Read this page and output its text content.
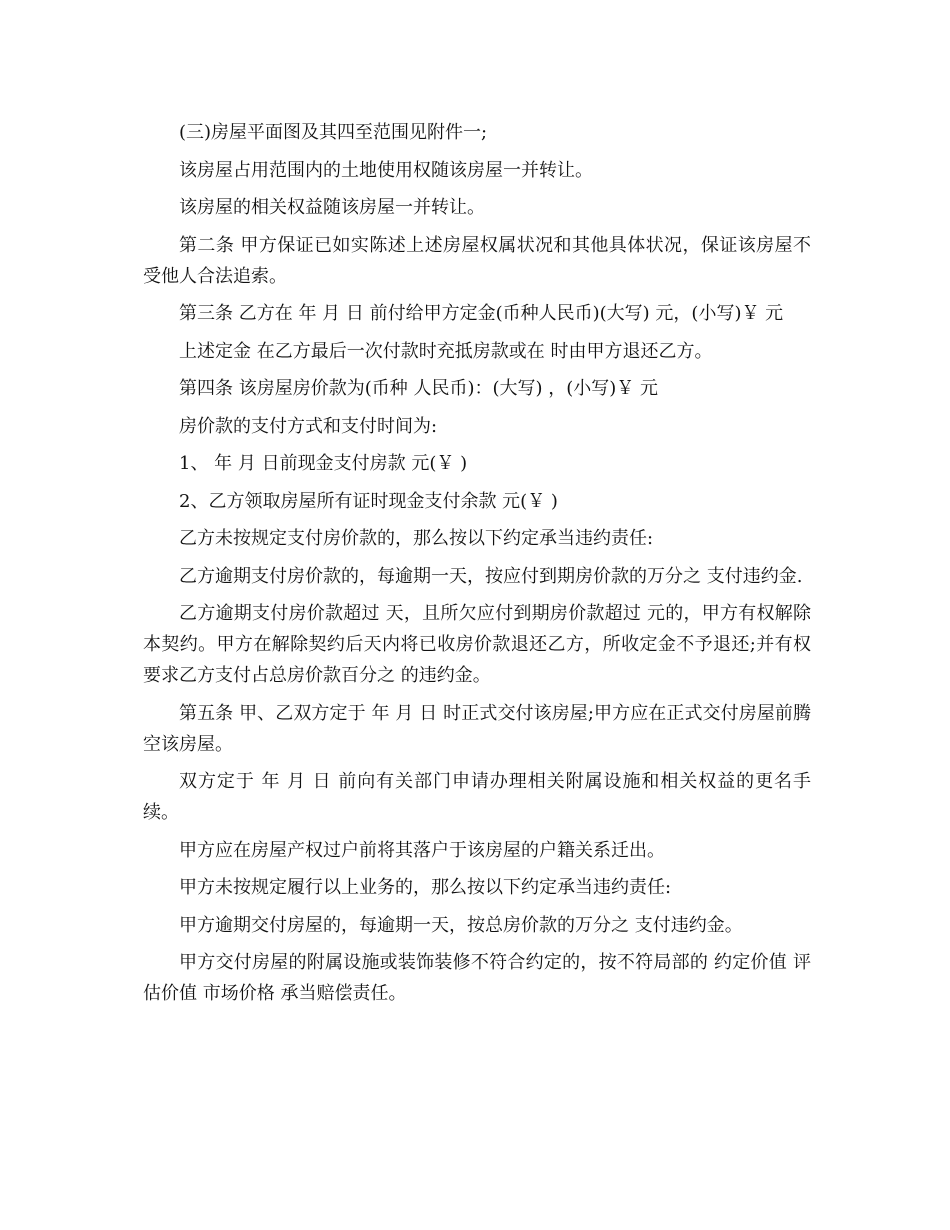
(三)房屋平面图及其四至范围见附件一;

该房屋占用范围内的土地使用权随该房屋一并转让。

该房屋的相关权益随该房屋一并转让。

第二条 甲方保证已如实陈述上述房屋权属状况和其他具体状况，保证该房屋不受他人合法追索。

第三条 乙方在 年 月 日 前付给甲方定金(币种人民币)(大写) 元，(小写)￥ 元

上述定金 在乙方最后一次付款时充抵房款或在 时由甲方退还乙方。

第四条 该房屋房价款为(币种 人民币)：(大写) ，(小写)￥ 元

房价款的支付方式和支付时间为:

1、 年 月 日前现金支付房款 元(￥ )

2、乙方领取房屋所有证时现金支付余款 元(￥ )

乙方未按规定支付房价款的，那么按以下约定承当违约责任:

乙方逾期支付房价款的，每逾期一天，按应付到期房价款的万分之 支付违约金.

乙方逾期支付房价款超过 天，且所欠应付到期房价款超过 元的，甲方有权解除本契约。甲方在解除契约后天内将已收房价款退还乙方，所收定金不予退还;并有权要求乙方支付占总房价款百分之 的违约金。

第五条 甲、乙双方定于 年 月 日 时正式交付该房屋;甲方应在正式交付房屋前腾空该房屋。

双方定于 年 月 日 前向有关部门申请办理相关附属设施和相关权益的更名手续。

甲方应在房屋产权过户前将其落户于该房屋的户籍关系迁出。

甲方未按规定履行以上业务的，那么按以下约定承当违约责任:

甲方逾期交付房屋的，每逾期一天，按总房价款的万分之 支付违约金。

甲方交付房屋的附属设施或装饰装修不符合约定的，按不符局部的 约定价值 评估价值 市场价格 承当赔偿责任。
